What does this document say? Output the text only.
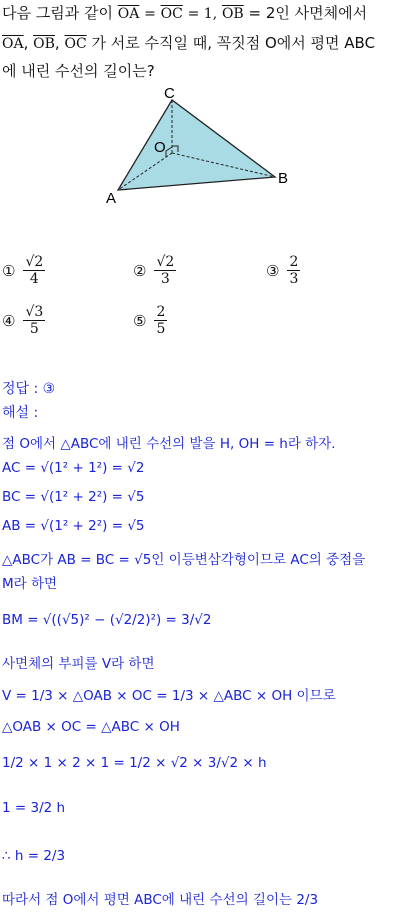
다음 그림과 같이 $\overline{OA} = \overline{OC} = 1$, $\overline{OB} = 2$인 사면체에서
$\overline{OA}$, $\overline{OB}$, $\overline{OC}$ 가 서로 수직일 때, 꼭짓점 O에서 평면 ABC
에 내린 수선의 길이는?
C
O
A
B
① $\frac{√2}{4}$	② $\frac{√2}{3}$	③ $\frac{2}{3}$
④ $\frac{√3}{5}$	⑤ $\frac{2}{5}$
정답 : ③
해설 :
점 O에서 △ABC에 내린 수선의 발을 H, OH = h라 하자.
AC = √(1² + 1²) = √2
BC = √(1² + 2²) = √5
AB = √(1² + 2²) = √5
△ABC가 AB = BC = √5인 이등변삼각형이므로 AC의 중점을
M라 하면
BM = √((√5)² − (√2/2)²) = 3/√2
사면체의 부피를 V라 하면
V = 1/3 × △OAB × OC = 1/3 × △ABC × OH 이므로
△OAB × OC = △ABC × OH
1/2 × 1 × 2 × 1 = 1/2 × √2 × 3/√2 × h
1 = 3/2 h
∴ h = 2/3
따라서 점 O에서 평면 ABC에 내린 수선의 길이는 2/3
